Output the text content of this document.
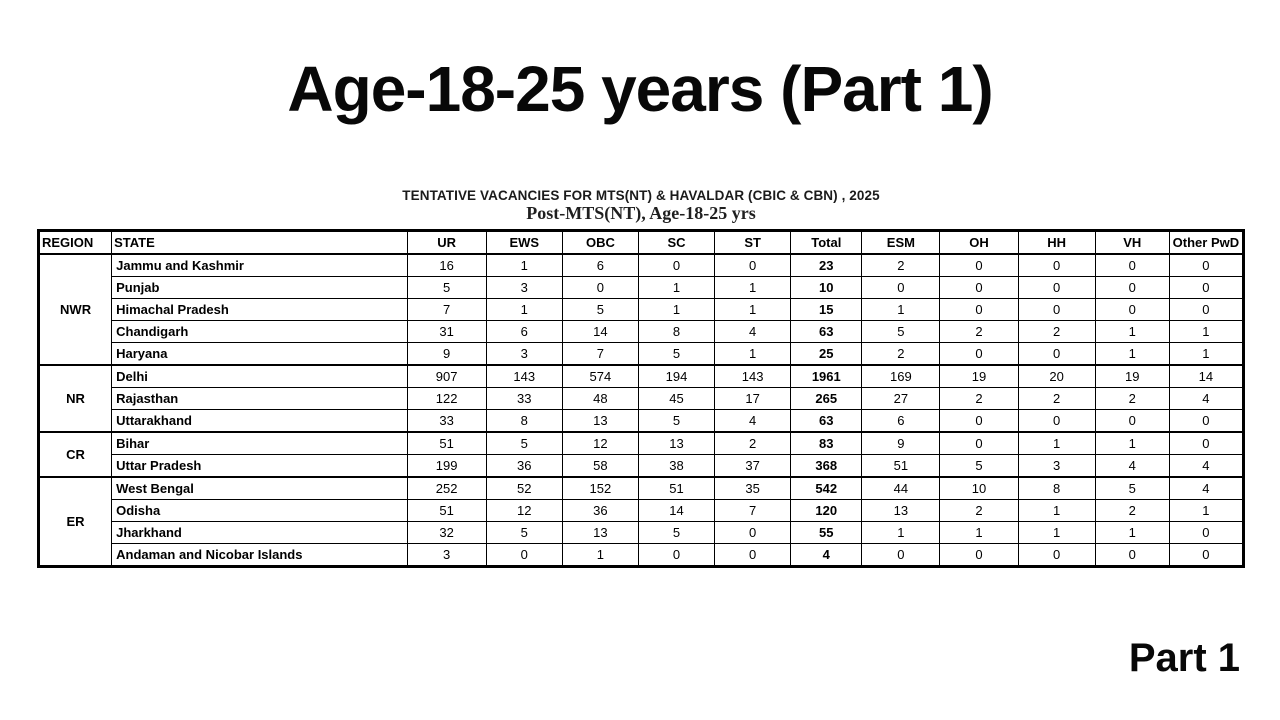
Age-18-25 years (Part 1)
TENTATIVE VACANCIES FOR MTS(NT) & HAVALDAR (CBIC & CBN) , 2025
Post-MTS(NT), Age-18-25 yrs
REGION	STATE	UR	EWS	OBC	SC	ST	Total	ESM	OH	HH	VH	Other PwD
NWR	Jammu and Kashmir	16	1	6	0	0	23	2	0	0	0	0
	Punjab	5	3	0	1	1	10	0	0	0	0	0
	Himachal Pradesh	7	1	5	1	1	15	1	0	0	0	0
	Chandigarh	31	6	14	8	4	63	5	2	2	1	1
	Haryana	9	3	7	5	1	25	2	0	0	1	1
NR	Delhi	907	143	574	194	143	1961	169	19	20	19	14
	Rajasthan	122	33	48	45	17	265	27	2	2	2	4
	Uttarakhand	33	8	13	5	4	63	6	0	0	0	0
CR	Bihar	51	5	12	13	2	83	9	0	1	1	0
	Uttar Pradesh	199	36	58	38	37	368	51	5	3	4	4
ER	West Bengal	252	52	152	51	35	542	44	10	8	5	4
	Odisha	51	12	36	14	7	120	13	2	1	2	1
	Jharkhand	32	5	13	5	0	55	1	1	1	1	0
	Andaman and Nicobar Islands	3	0	1	0	0	4	0	0	0	0	0
Part 1
